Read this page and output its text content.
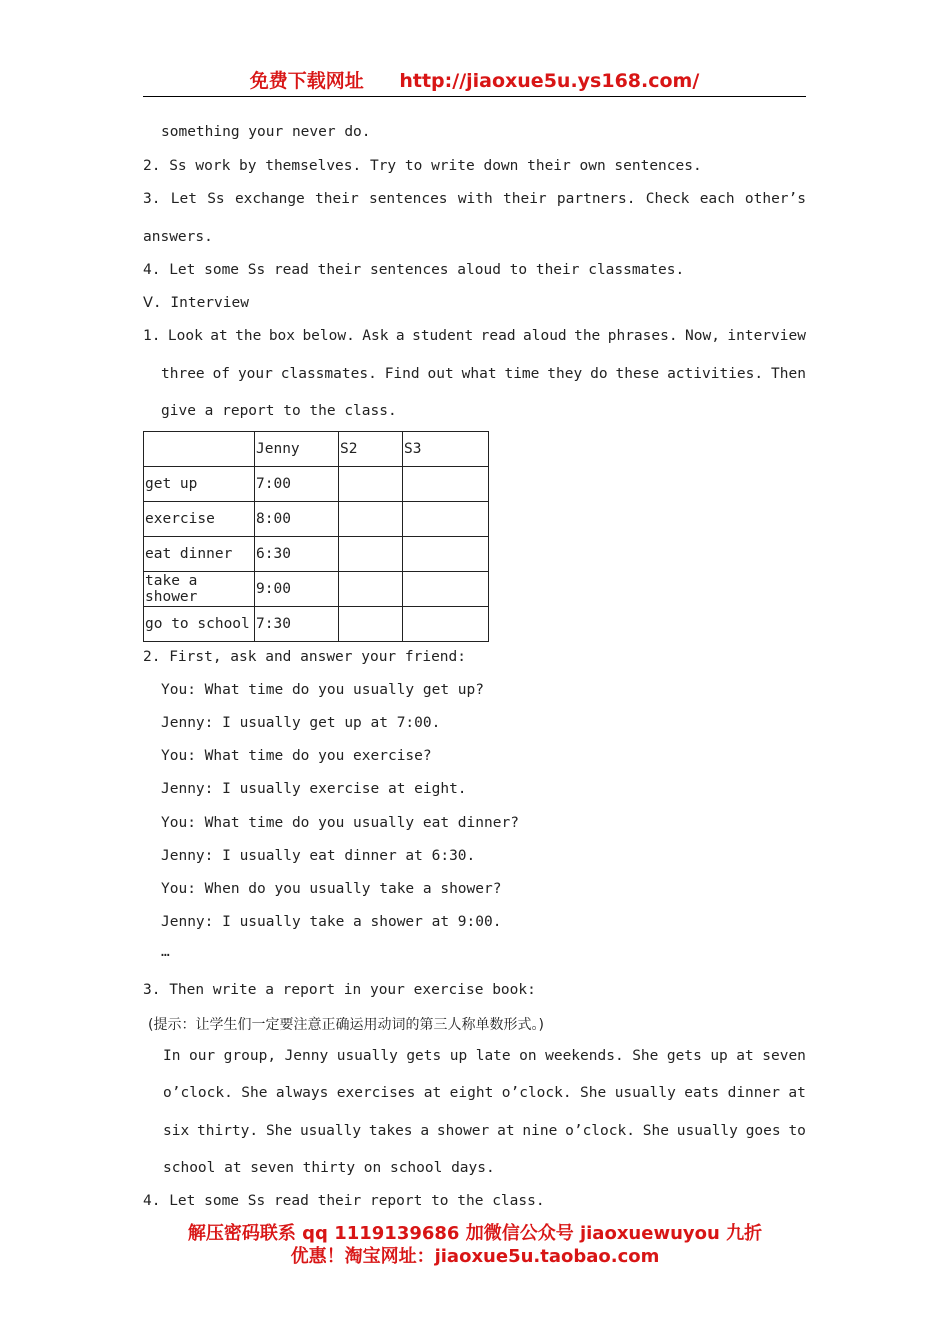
免费下载网址 http://jiaoxue5u.ys168.com/
something your never do.
2. Ss work by themselves. Try to write down their own sentences.
3. Let Ss exchange their sentences with their partners. Check each other’s
answers.
4. Let some Ss read their sentences aloud to their classmates.
Ⅴ. Interview
1. Look at the box below. Ask a student read aloud the phrases. Now, interview
three of your classmates. Find out what time they do these activities. Then
give a report to the class.
	Jenny	S2	S3
get up	7:00		
exercise	8:00		
eat dinner	6:30		
take a shower	9:00		
go to school	7:30		
2. First, ask and answer your friend:
You: What time do you usually get up?
Jenny: I usually get up at 7:00.
You: What time do you exercise?
Jenny: I usually exercise at eight.
You: What time do you usually eat dinner?
Jenny: I usually eat dinner at 6:30.
You: When do you usually take a shower?
Jenny: I usually take a shower at 9:00.
…
3. Then write a report in your exercise book:
(提示：让学生们一定要注意正确运用动词的第三人称单数形式。)
In our group, Jenny usually gets up late on weekends. She gets up at seven
o’clock. She always exercises at eight o’clock. She usually eats dinner at
six thirty. She usually takes a shower at nine o’clock. She usually goes to
school at seven thirty on school days.
4. Let some Ss read their report to the class.
解压密码联系 qq 1119139686 加微信公众号 jiaoxuewuyou 九折
优惠！淘宝网址：jiaoxue5u.taobao.com
